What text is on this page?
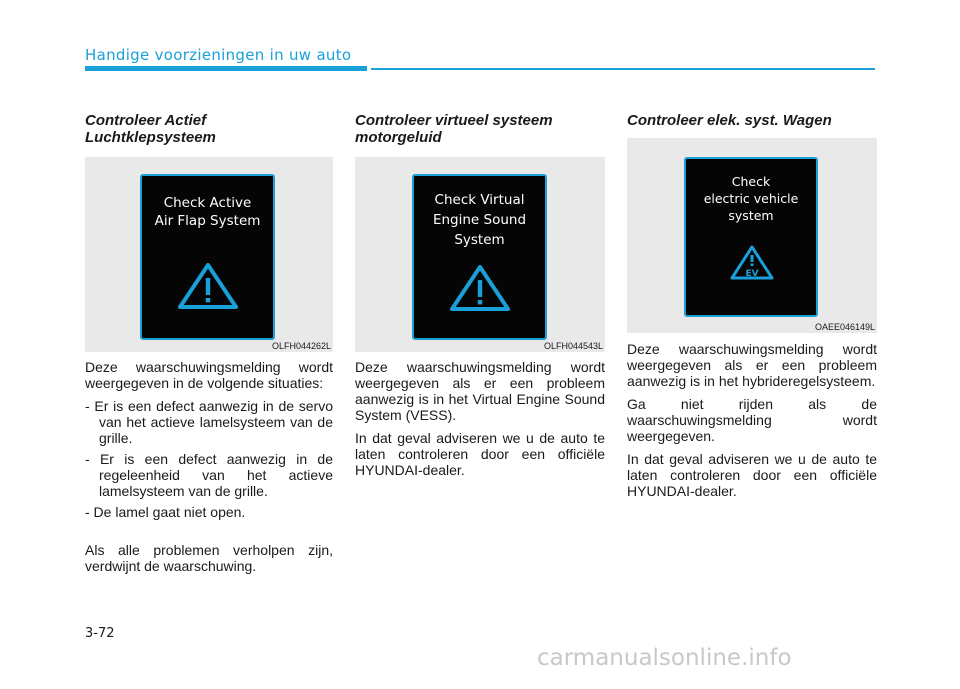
Handige voorzieningen in uw auto
Controleer Actief Luchtklepsysteem
Check Active
Air Flap System
OLFH044262L

Deze waarschuwingsmelding wordt weergegeven in de volgende situaties:

- Er is een defect aanwezig in de servo van het actieve lamelsysteem van de grille.
- Er is een defect aanwezig in de regeleenheid van het actieve lamelsysteem van de grille.
- De lamel gaat niet open.

Als alle problemen verholpen zijn, verdwijnt de waarschuwing.

Controleer virtueel systeem motorgeluid
Check Virtual
Engine Sound
System
OLFH044543L

Deze waarschuwingsmelding wordt weergegeven als er een probleem aanwezig is in het Virtual Engine Sound System (VESS).

In dat geval adviseren we u de auto te laten controleren door een officiële HYUNDAI-dealer.

Controleer elek. syst. Wagen
Check
electric vehicle
system
EV
OAEE046149L

Deze waarschuwingsmelding wordt weergegeven als er een probleem aanwezig is in het hybrideregelsysteem.

Ga niet rijden als de waarschuwingsmelding wordt weergegeven.

In dat geval adviseren we u de auto te laten controleren door een officiële HYUNDAI-dealer.

3-72
carmanualsonline.info
